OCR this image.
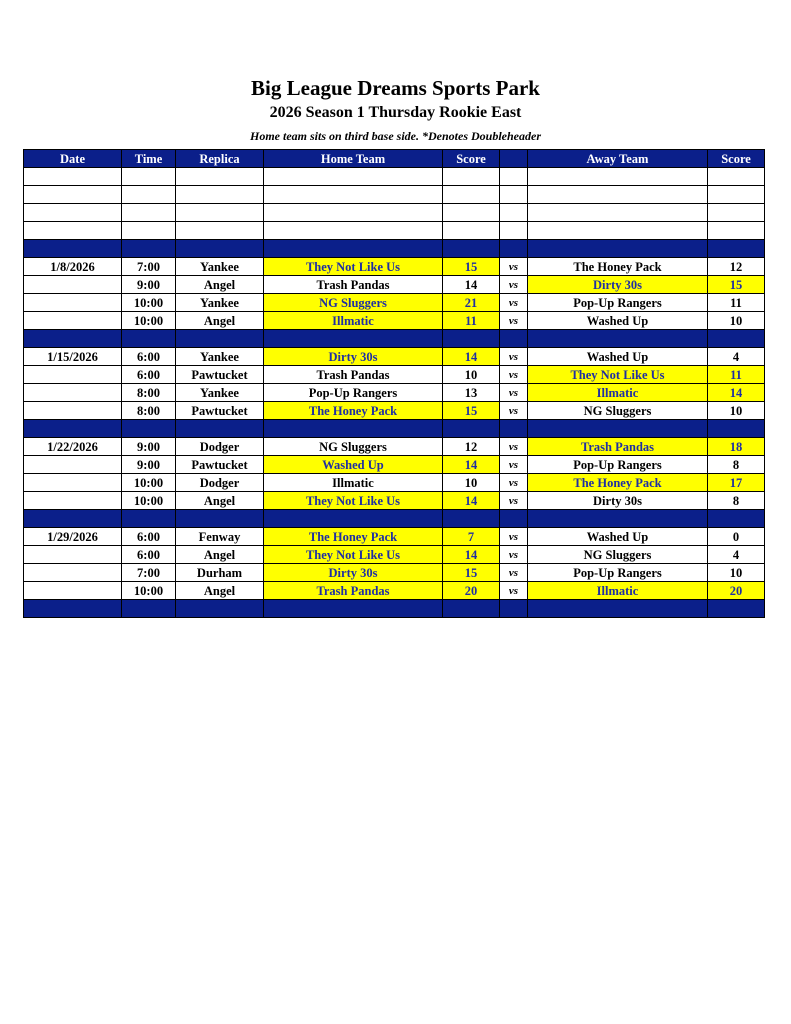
Big League Dreams Sports Park
2026 Season 1 Thursday Rookie East
Home team sits on third base side. *Denotes Doubleheader
Date	Time	Replica	Home Team	Score		Away Team	Score

1/8/2026	7:00	Yankee	They Not Like Us	15	vs	The Honey Pack	12
	9:00	Angel	Trash Pandas	14	vs	Dirty 30s	15
	10:00	Yankee	NG Sluggers	21	vs	Pop-Up Rangers	11
	10:00	Angel	Illmatic	11	vs	Washed Up	10

1/15/2026	6:00	Yankee	Dirty 30s	14	vs	Washed Up	4
	6:00	Pawtucket	Trash Pandas	10	vs	They Not Like Us	11
	8:00	Yankee	Pop-Up Rangers	13	vs	Illmatic	14
	8:00	Pawtucket	The Honey Pack	15	vs	NG Sluggers	10

1/22/2026	9:00	Dodger	NG Sluggers	12	vs	Trash Pandas	18
	9:00	Pawtucket	Washed Up	14	vs	Pop-Up Rangers	8
	10:00	Dodger	Illmatic	10	vs	The Honey Pack	17
	10:00	Angel	They Not Like Us	14	vs	Dirty 30s	8

1/29/2026	6:00	Fenway	The Honey Pack	7	vs	Washed Up	0
	6:00	Angel	They Not Like Us	14	vs	NG Sluggers	4
	7:00	Durham	Dirty 30s	15	vs	Pop-Up Rangers	10
	10:00	Angel	Trash Pandas	20	vs	Illmatic	20
